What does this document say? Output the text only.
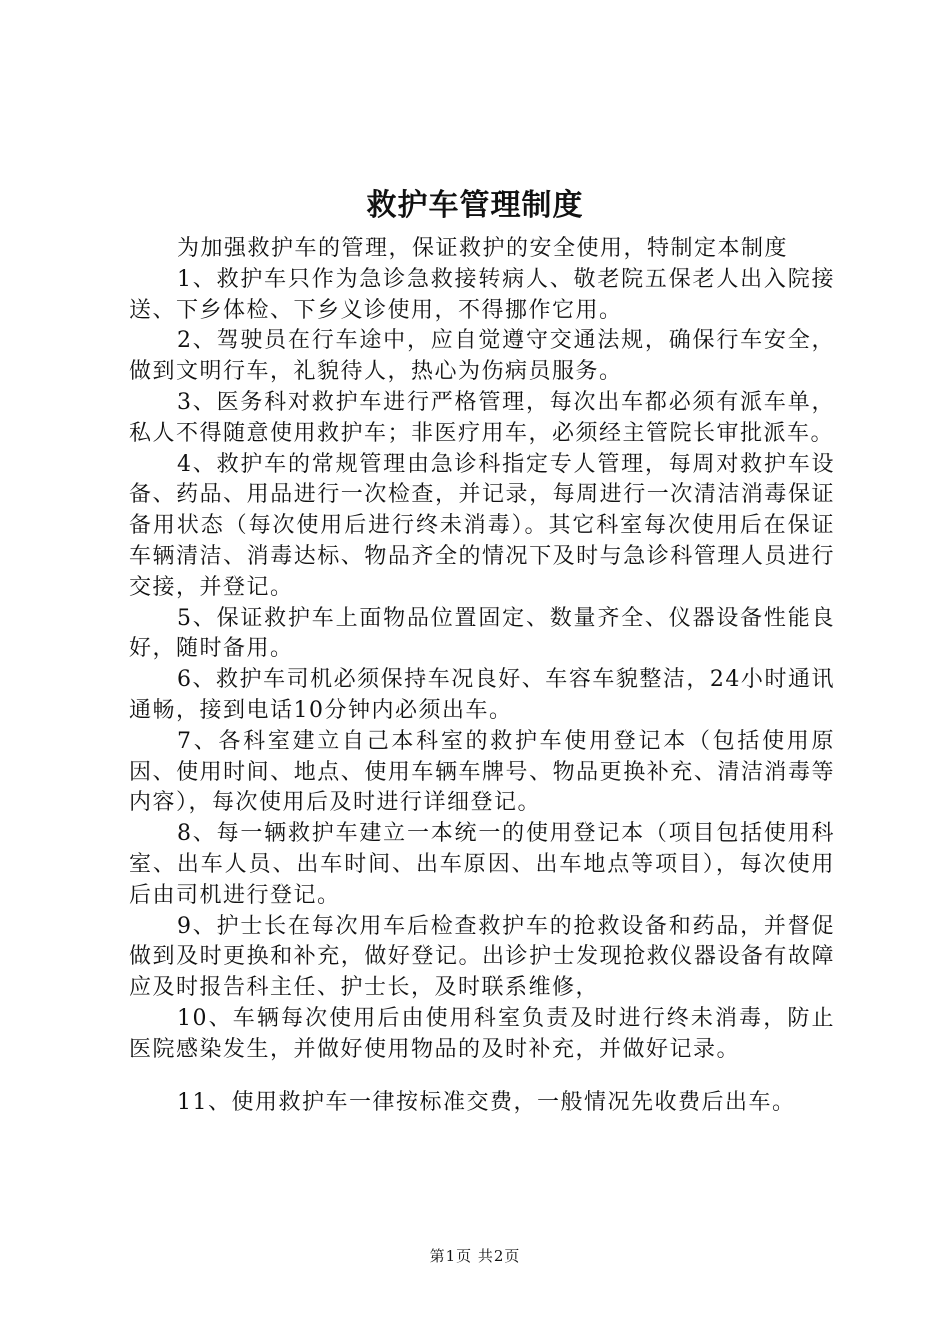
救护车管理制度

为加强救护车的管理，保证救护的安全使用，特制定本制度

1、救护车只作为急诊急救接转病人、敬老院五保老人出入院接送、下乡体检、下乡义诊使用，不得挪作它用。

2、驾驶员在行车途中，应自觉遵守交通法规，确保行车安全，做到文明行车，礼貌待人，热心为伤病员服务。

3、医务科对救护车进行严格管理，每次出车都必须有派车单，私人不得随意使用救护车；非医疗用车，必须经主管院长审批派车。

4、救护车的常规管理由急诊科指定专人管理，每周对救护车设备、药品、用品进行一次检查，并记录，每周进行一次清洁消毒保证备用状态（每次使用后进行终未消毒）。其它科室每次使用后在保证车辆清洁、消毒达标、物品齐全的情况下及时与急诊科管理人员进行交接，并登记。

5、保证救护车上面物品位置固定、数量齐全、仪器设备性能良好，随时备用。

6、救护车司机必须保持车况良好、车容车貌整洁，24小时通讯通畅，接到电话10分钟内必须出车。

7、各科室建立自己本科室的救护车使用登记本（包括使用原因、使用时间、地点、使用车辆车牌号、物品更换补充、清洁消毒等内容），每次使用后及时进行详细登记。

8、每一辆救护车建立一本统一的使用登记本（项目包括使用科室、出车人员、出车时间、出车原因、出车地点等项目），每次使用后由司机进行登记。

9、护士长在每次用车后检查救护车的抢救设备和药品，并督促做到及时更换和补充，做好登记。出诊护士发现抢救仪器设备有故障应及时报告科主任、护士长，及时联系维修，

10、车辆每次使用后由使用科室负责及时进行终未消毒，防止医院感染发生，并做好使用物品的及时补充，并做好记录。

11、使用救护车一律按标准交费，一般情况先收费后出车。

第1页 共2页
